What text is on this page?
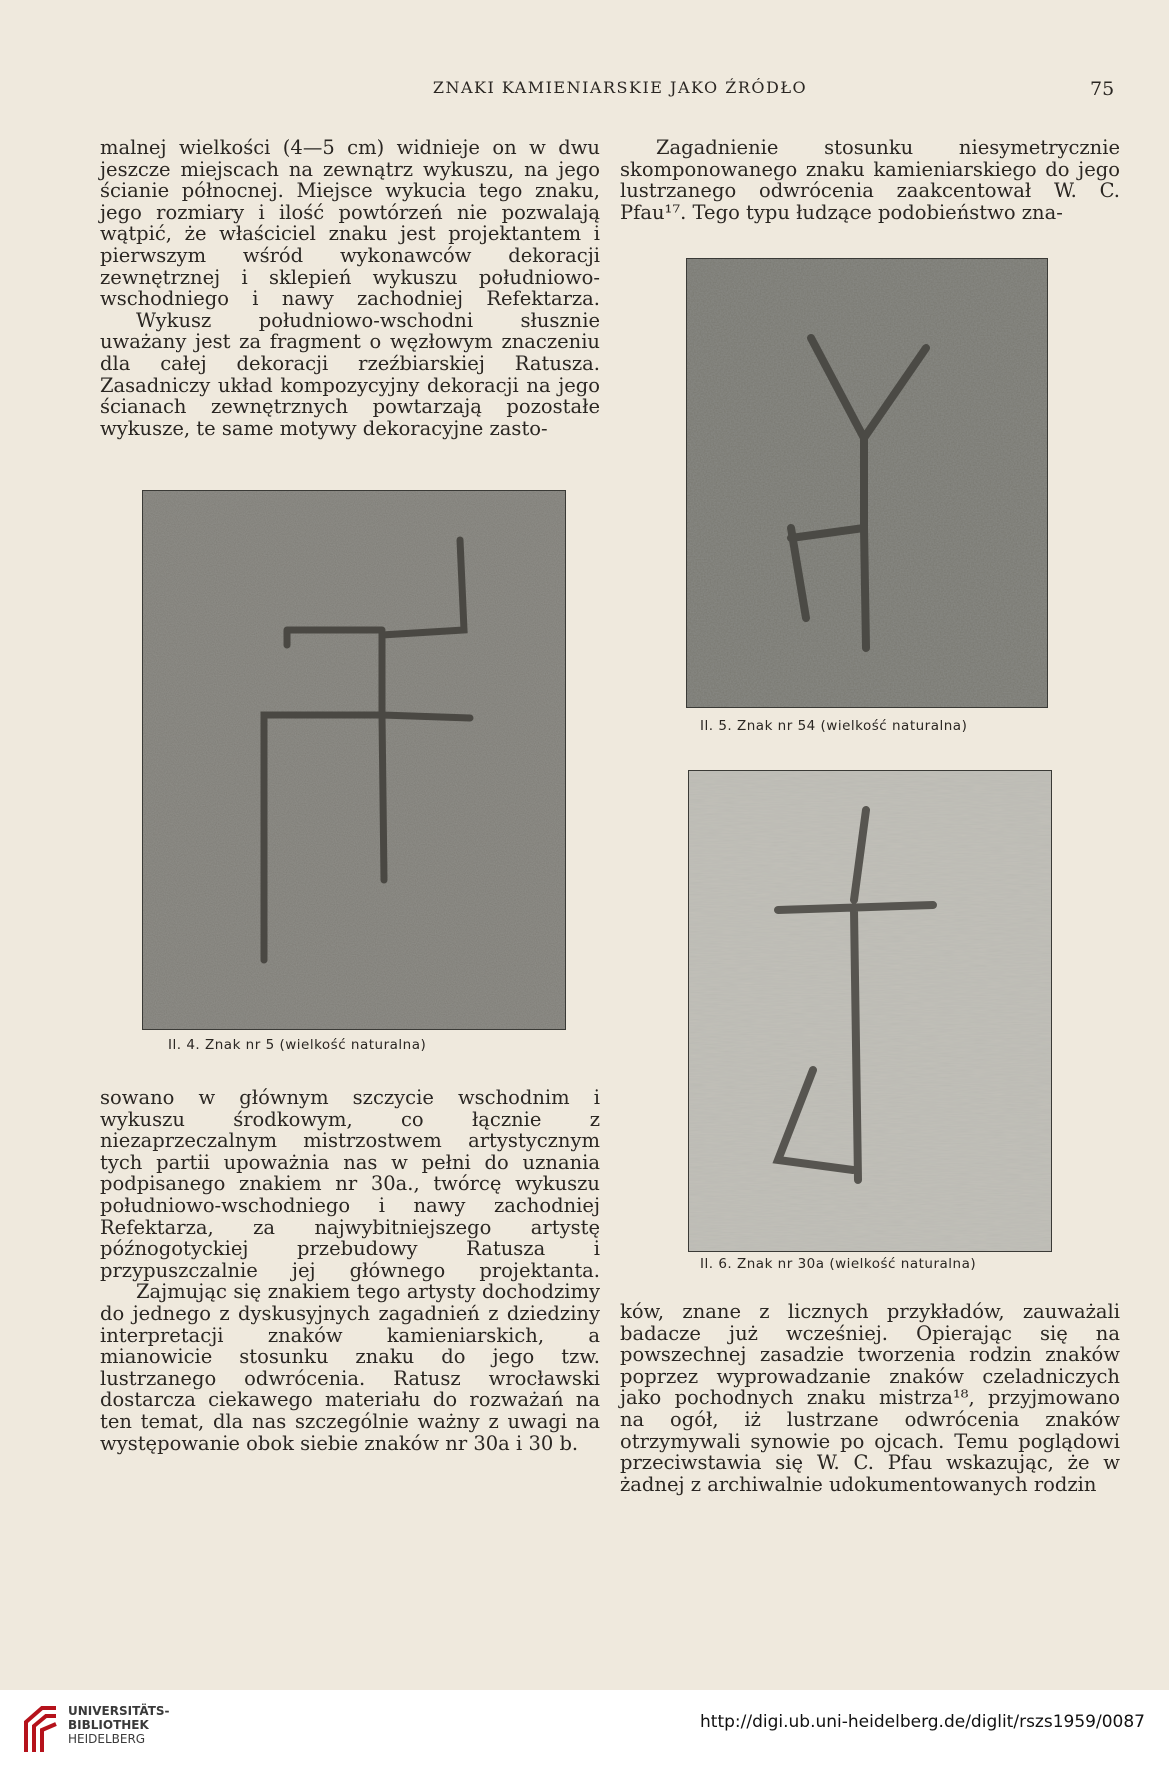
ZNAKI KAMIENIARSKIE JAKO ŹRÓDŁO	75

malnej wielkości (4—5 cm) widnieje on w dwu jeszcze miejscach na zewnątrz wykuszu, na jego ścianie północnej. Miejsce wykucia tego znaku, jego rozmiary i ilość powtórzeń nie pozwalają wątpić, że właściciel znaku jest projektantem i pierwszym wśród wykonawców dekoracji zewnętrznej i sklepień wykuszu południowo-wschodniego i nawy zachodniej Refektarza.

Wykusz południowo-wschodni słusznie uważany jest za fragment o węzłowym znaczeniu dla całej dekoracji rzeźbiarskiej Ratusza. Zasadniczy układ kompozycyjny dekoracji na jego ścianach zewnętrznych powtarzają pozostałe wykusze, te same motywy dekoracyjne zasto-

Zagadnienie stosunku niesymetrycznie skomponowanego znaku kamieniarskiego do jego lustrzanego odwrócenia zaakcentował W. C. Pfau¹⁷. Tego typu łudzące podobieństwo zna-

Il. 4. Znak nr 5 (wielkość naturalna)
Il. 5. Znak nr 54 (wielkość naturalna)
Il. 6. Znak nr 30a (wielkość naturalna)

sowano w głównym szczycie wschodnim i wykuszu środkowym, co łącznie z niezaprzeczalnym mistrzostwem artystycznym tych partii upoważnia nas w pełni do uznania podpisanego znakiem nr 30a., twórcę wykuszu południowo-wschodniego i nawy zachodniej Refektarza, za najwybitniejszego artystę późnogotyckiej przebudowy Ratusza i przypuszczalnie jej głównego projektanta.

Zajmując się znakiem tego artysty dochodzimy do jednego z dyskusyjnych zagadnień z dziedziny interpretacji znaków kamieniarskich, a mianowicie stosunku znaku do jego tzw. lustrzanego odwrócenia. Ratusz wrocławski dostarcza ciekawego materiału do rozważań na ten temat, dla nas szczególnie ważny z uwagi na występowanie obok siebie znaków nr 30a i 30 b.

ków, znane z licznych przykładów, zauważali badacze już wcześniej. Opierając się na powszechnej zasadzie tworzenia rodzin znaków poprzez wyprowadzanie znaków czeladniczych jako pochodnych znaku mistrza¹⁸, przyjmowano na ogół, iż lustrzane odwrócenia znaków otrzymywali synowie po ojcach. Temu poglądowi przeciwstawia się W. C. Pfau wskazując, że w żadnej z archiwalnie udokumentowanych rodzin

UNIVERSITÄTS-
BIBLIOTHEK
HEIDELBERG
http://digi.ub.uni-heidelberg.de/diglit/rszs1959/0087
